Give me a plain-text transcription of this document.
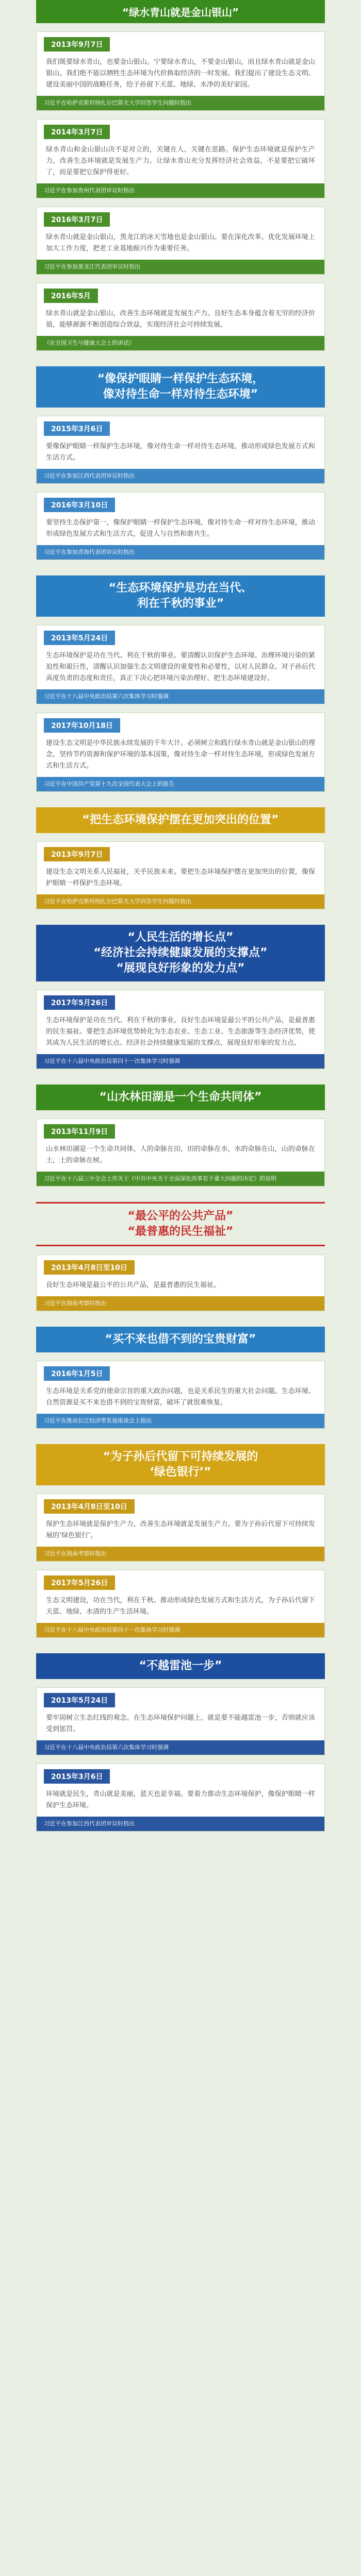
“绿水青山就是金山银山”
2013年9月7日
我们既要绿水青山，也要金山银山。宁要绿水青山，不要金山银山，而且绿水青山就是金山银山。我们绝不能以牺牲生态环境为代价换取经济的一时发展。我们提出了建设生态文明、建设美丽中国的战略任务，给子孙留下天蓝、地绿、水净的美好家园。
习近平在哈萨克斯坦纳扎尔巴耶夫大学回答学生问题时指出
2014年3月7日
绿水青山和金山银山决不是对立的，关键在人，关键在思路。保护生态环境就是保护生产力，改善生态环境就是发展生产力。让绿水青山充分发挥经济社会效益，不是要把它破坏了，而是要把它保护得更好。
习近平在参加贵州代表团审议时指出
2016年3月7日
绿水青山就是金山银山，黑龙江的冰天雪地也是金山银山。要在深化改革、优化发展环境上加大工作力度，把老工业基地振兴作为重要任务。
习近平在参加黑龙江代表团审议时指出
2016年5月
绿水青山就是金山银山，改善生态环境就是发展生产力。良好生态本身蕴含着无穷的经济价值，能够源源不断创造综合效益，实现经济社会可持续发展。
《在全国卫生与健康大会上的讲话》
“像保护眼睛一样保护生态环境，
像对待生命一样对待生态环境”
2015年3月6日
要像保护眼睛一样保护生态环境，像对待生命一样对待生态环境，推动形成绿色发展方式和生活方式。
习近平在参加江西代表团审议时指出
2016年3月10日
要坚持生态保护第一，像保护眼睛一样保护生态环境，像对待生命一样对待生态环境，推动形成绿色发展方式和生活方式，促进人与自然和谐共生。
习近平在参加青海代表团审议时指出
“生态环境保护是功在当代、
利在千秋的事业”
2013年5月24日
生态环境保护是功在当代、利在千秋的事业。要清醒认识保护生态环境、治理环境污染的紧迫性和艰巨性，清醒认识加强生态文明建设的重要性和必要性，以对人民群众、对子孙后代高度负责的态度和责任，真正下决心把环境污染治理好、把生态环境建设好。
习近平在十八届中央政治局第六次集体学习时强调
2017年10月18日
建设生态文明是中华民族永续发展的千年大计。必须树立和践行绿水青山就是金山银山的理念，坚持节约资源和保护环境的基本国策，像对待生命一样对待生态环境，形成绿色发展方式和生活方式。
习近平在中国共产党第十九次全国代表大会上的报告
“把生态环境保护摆在更加突出的位置”
2013年9月7日
建设生态文明关系人民福祉，关乎民族未来。要把生态环境保护摆在更加突出的位置，像保护眼睛一样保护生态环境。
习近平在哈萨克斯坦纳扎尔巴耶夫大学回答学生问题时指出
“人民生活的增长点”
“经济社会持续健康发展的支撑点”
“展现良好形象的发力点”
2017年5月26日
生态环境保护是功在当代、利在千秋的事业。良好生态环境是最公平的公共产品，是最普惠的民生福祉。要把生态环境优势转化为生态农业、生态工业、生态旅游等生态经济优势，使其成为人民生活的增长点、经济社会持续健康发展的支撑点、展现良好形象的发力点。
习近平在十八届中央政治局第四十一次集体学习时强调
“山水林田湖是一个生命共同体”
2013年11月9日
山水林田湖是一个生命共同体，人的命脉在田，田的命脉在水，水的命脉在山，山的命脉在土，土的命脉在树。
习近平在十八届三中全会上作关于《中共中央关于全面深化改革若干重大问题的决定》的说明
“最公平的公共产品”
“最普惠的民生福祉”
2013年4月8日至10日
良好生态环境是最公平的公共产品，是最普惠的民生福祉。
习近平在海南考察时指出
“买不来也借不到的宝贵财富”
2016年1月5日
生态环境是关系党的使命宗旨的重大政治问题，也是关系民生的重大社会问题。生态环境、自然资源是买不来也借不到的宝贵财富，破坏了就很难恢复。
习近平在推动长江经济带发展座谈会上指出
“为子孙后代留下可持续发展的
‘绿色银行’”
2013年4月8日至10日
保护生态环境就是保护生产力，改善生态环境就是发展生产力。要为子孙后代留下可持续发展的‘绿色银行’。
习近平在海南考察时指出
2017年5月26日
生态文明建设，功在当代，利在千秋。推动形成绿色发展方式和生活方式，为子孙后代留下天蓝、地绿、水清的生产生活环境。
习近平在十八届中央政治局第四十一次集体学习时强调
“不越雷池一步”
2013年5月24日
要牢固树立生态红线的观念。在生态环境保护问题上，就是要不能越雷池一步，否则就应该受到惩罚。
习近平在十八届中央政治局第六次集体学习时强调
2015年3月6日
环境就是民生，青山就是美丽，蓝天也是幸福。要着力推动生态环境保护，像保护眼睛一样保护生态环境。
习近平在参加江西代表团审议时指出
